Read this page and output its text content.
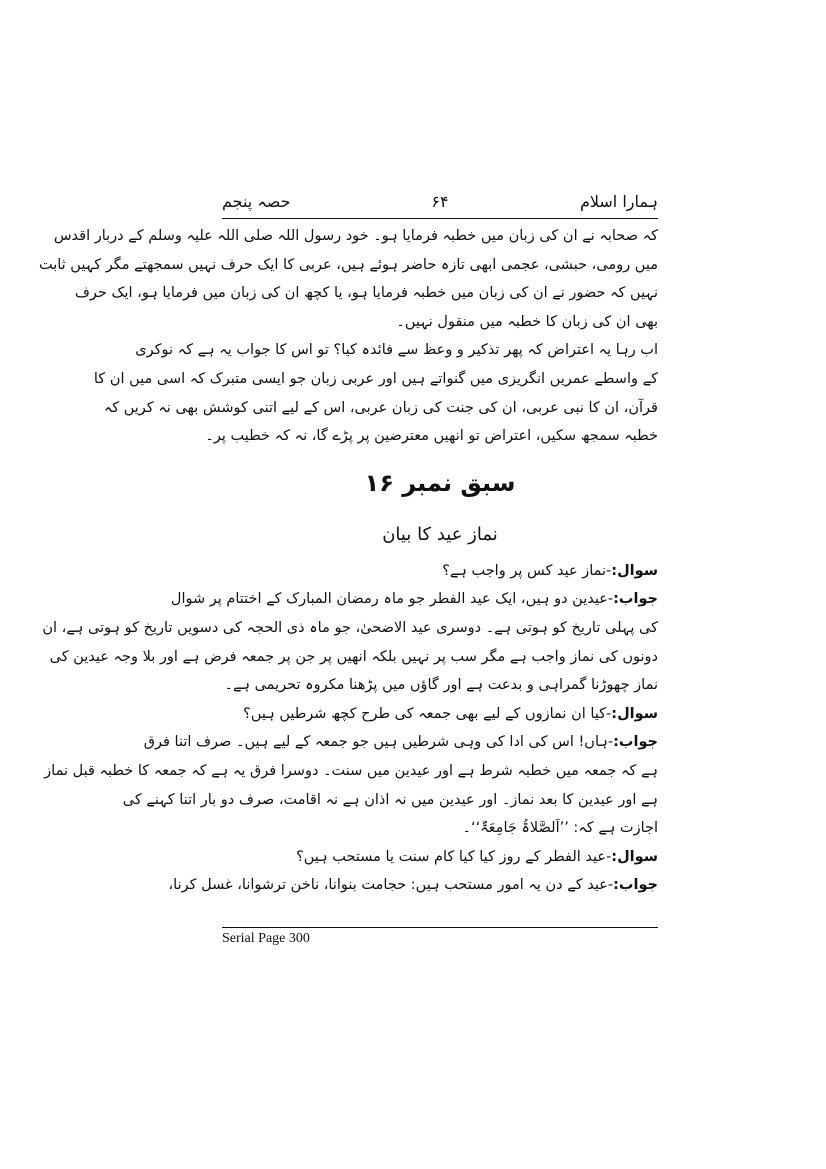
ہمارا اسلام
۶۴
حصہ پنجم
کہ صحابہ نے ان کی زبان میں خطبہ فرمایا ہو۔ خود رسول اللہ صلی اللہ علیہ وسلم کے دربار اقدس
میں رومی، حبشی، عجمی ابھی تازہ حاضر ہوئے ہیں، عربی کا ایک حرف نہیں سمجھتے مگر کہیں ثابت
نہیں کہ حضور نے ان کی زبان میں خطبہ فرمایا ہو، یا کچھ ان کی زبان میں فرمایا ہو، ایک حرف
بھی ان کی زبان کا خطبہ میں منقول نہیں۔
اب رہا یہ اعتراض کہ پھر تذکیر و وعظ سے فائدہ کیا؟ تو اس کا جواب یہ ہے کہ نوکری
کے واسطے عمریں انگریزی میں گنواتے ہیں اور عربی زبان جو ایسی متبرک کہ اسی میں ان کا
قرآن، ان کا نبی عربی، ان کی جنت کی زبان عربی، اس کے لیے اتنی کوشش بھی نہ کریں کہ
خطبہ سمجھ سکیں، اعتراض تو انھیں معترضین پر پڑے گا، نہ کہ خطیب پر۔
سبق نمبر ۱۶
نماز عید کا بیان
سوال:-نماز عید کس پر واجب ہے؟
جواب:-عیدین دو ہیں، ایک عید الفطر جو ماہ رمضان المبارک کے اختتام پر شوال
کی پہلی تاریخ کو ہوتی ہے۔ دوسری عید الاضحیٰ، جو ماہ ذی الحجہ کی دسویں تاریخ کو ہوتی ہے، ان
دونوں کی نماز واجب ہے مگر سب پر نہیں بلکہ انھیں پر جن پر جمعہ فرض ہے اور بلا وجہ عیدین کی
نماز چھوڑنا گمراہی و بدعت ہے اور گاؤں میں پڑھنا مکروہ تحریمی ہے۔
سوال:-کیا ان نمازوں کے لیے بھی جمعہ کی طرح کچھ شرطیں ہیں؟
جواب:-ہاں! اس کی ادا کی وہی شرطیں ہیں جو جمعہ کے لیے ہیں۔ صرف اتنا فرق
ہے کہ جمعہ میں خطبہ شرط ہے اور عیدین میں سنت۔ دوسرا فرق یہ ہے کہ جمعہ کا خطبہ قبل نماز
ہے اور عیدین کا بعد نماز۔ اور عیدین میں نہ اذان ہے نہ اقامت، صرف دو بار اتنا کہنے کی
اجازت ہے کہ: ’’اَلصَّلاۃُ جَامِعَۃٌ‘‘۔
سوال:-عید الفطر کے روز کیا کیا کام سنت یا مستحب ہیں؟
جواب:-عید کے دن یہ امور مستحب ہیں: حجامت بنوانا، ناخن ترشوانا، غسل کرنا،
Serial Page 300
